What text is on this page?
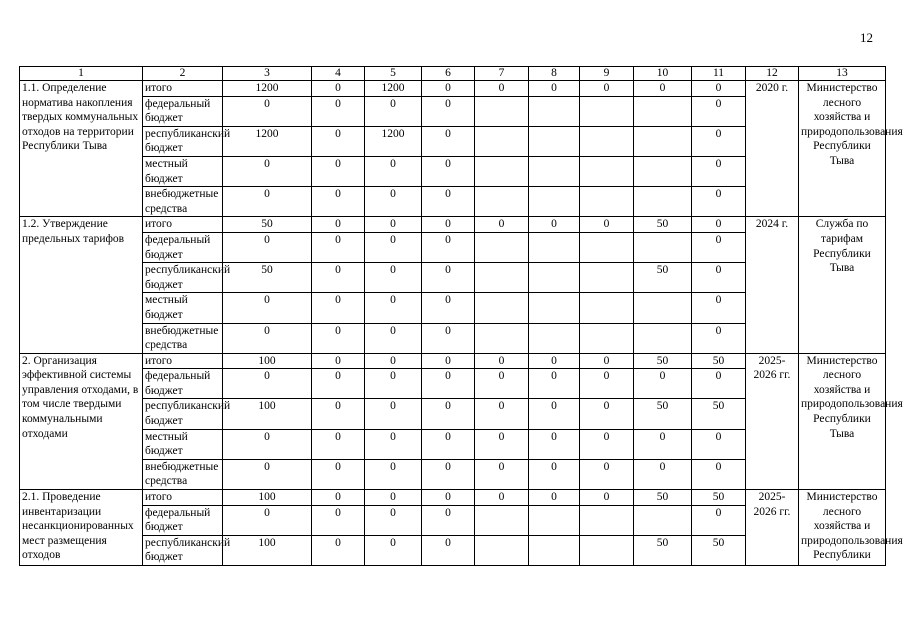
12
1	2	3	4	5	6	7	8	9	10	11	12	13
1.1. Определение норматива накопления твердых коммунальных отходов на территории Республики Тыва	итого	1200	0	1200	0	0	0	0	0	0	2020 г.	Министерство лесного хозяйства и природопользования Республики Тыва
	федеральный бюджет	0	0	0	0					0		
	республиканский бюджет	1200	0	1200	0					0		
	местный бюджет	0	0	0	0					0		
	внебюджетные средства	0	0	0	0					0		
1.2. Утверждение предельных тарифов	итого	50	0	0	0	0	0	0	50	0	2024 г.	Служба по тарифам Республики Тыва
	федеральный бюджет	0	0	0	0					0		
	республиканский бюджет	50	0	0	0				50	0		
	местный бюджет	0	0	0	0					0		
	внебюджетные средства	0	0	0	0					0		
2. Организация эффективной системы управления отходами, в том числе твердыми коммунальными отходами	итого	100	0	0	0	0	0	0	50	50	2025-2026 гг.	Министерство лесного хозяйства и природопользования Республики Тыва
	федеральный бюджет	0	0	0	0	0	0	0	0	0		
	республиканский бюджет	100	0	0	0	0	0	0	50	50		
	местный бюджет	0	0	0	0	0	0	0	0	0		
	внебюджетные средства	0	0	0	0	0	0	0	0	0		
2.1. Проведение инвентаризации несанкционированных мест размещения отходов	итого	100	0	0	0	0	0	0	50	50	2025-2026 гг.	Министерство лесного хозяйства и природопользования Республики
	федеральный бюджет	0	0	0	0					0		
	республиканский бюджет	100	0	0	0				50	50		
